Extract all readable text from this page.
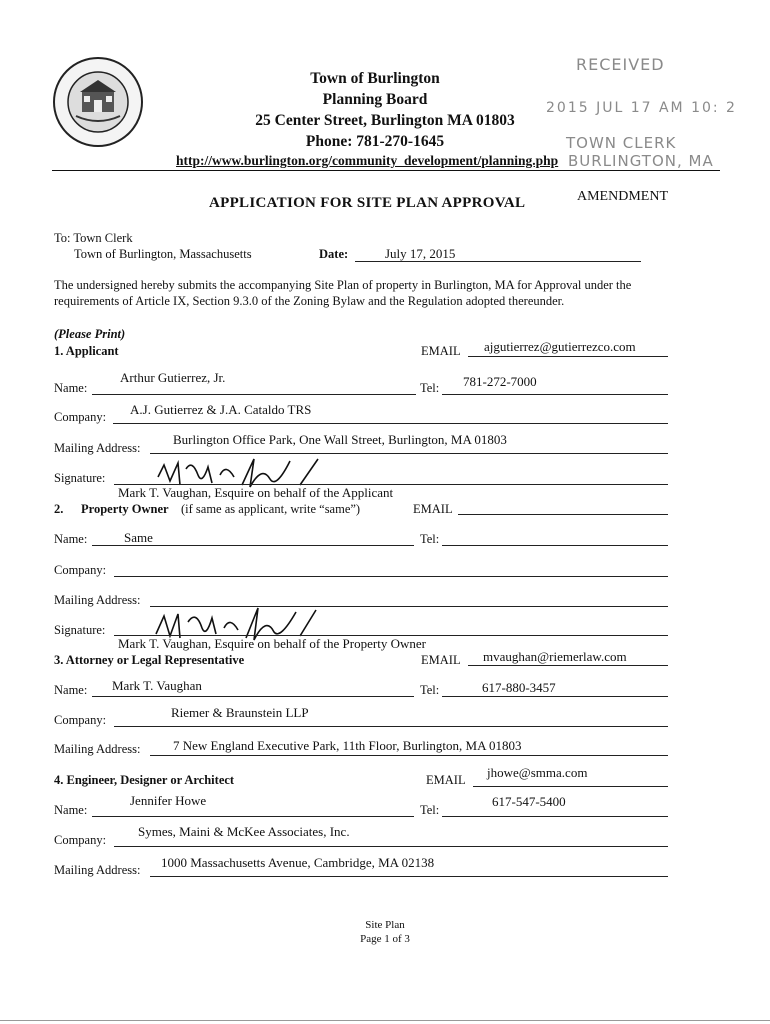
Town of Burlington
Planning Board
25 Center Street, Burlington MA 01803
Phone: 781-270-1645
http://www.burlington.org/community_development/planning.php
RECEIVED
2015 JUL 17 AM 10: 2
TOWN CLERK
BURLINGTON, MA
APPLICATION FOR SITE PLAN APPROVAL	AMENDMENT
To: Town Clerk
Town of Burlington, Massachusetts	Date:	July 17, 2015
The undersigned hereby submits the accompanying Site Plan of property in Burlington, MA for Approval under the
requirements of Article IX, Section 9.3.0 of the Zoning Bylaw and the Regulation adopted thereunder.
(Please Print)
1. Applicant	EMAIL ajgutierrez@gutierrezco.com
Name:
Arthur Gutierrez, Jr.
Tel: 781-272-7000
Company: A.J. Gutierrez & J.A. Cataldo TRS
Mailing Address:
Burlington Office Park, One Wall Street, Burlington, MA 01803
Signature:
Mark T. Vaughan, Esquire on behalf of the Applicant
2. Property Owner (if same as applicant, write “same”)	EMAIL
Name:	Same	Tel:
Company:
Mailing Address:
Signature:
Mark T. Vaughan, Esquire on behalf of the Property Owner
3. Attorney or Legal Representative	EMAIL mvaughan@riemerlaw.com
Name: Mark T. Vaughan	Tel:	617-880-3457
Company:	Riemer & Braunstein LLP
Mailing Address:	7 New England Executive Park, 11th Floor, Burlington, MA 01803
4. Engineer, Designer or Architect	EMAIL jhowe@smma.com
Name:
Jennifer Howe
Tel:
617-547-5400
Company:
Symes, Maini & McKee Associates, Inc.
Mailing Address: 1000 Massachusetts Avenue, Cambridge, MA 02138
Site Plan
Page 1 of 3
